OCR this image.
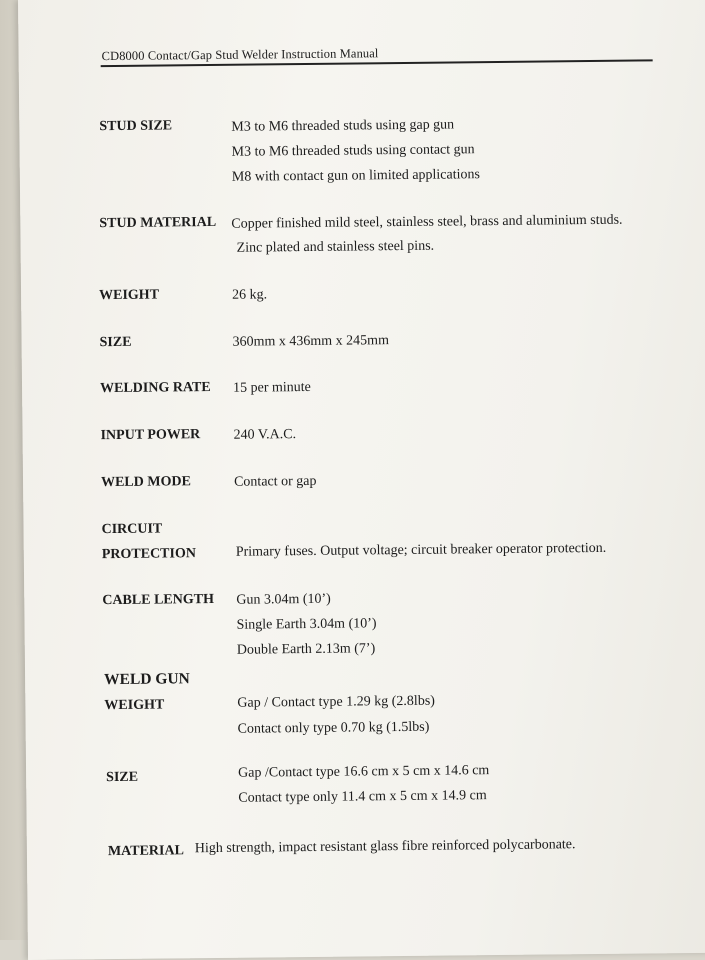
CD8000 Contact/Gap Stud Welder Instruction Manual
STUD SIZE	M3 to M6 threaded studs using gap gun
M3 to M6 threaded studs using contact gun
M8 with contact gun on limited applications
STUD MATERIAL Copper finished mild steel, stainless steel, brass and aluminium studs.
Zinc plated and stainless steel pins.
WEIGHT	26 kg.
SIZE	360mm x 436mm x 245mm
WELDING RATE 15 per minute
INPUT POWER 240 V.A.C.
WELD MODE	Contact or gap
CIRCUIT
PROTECTION	Primary fuses. Output voltage; circuit breaker operator protection.
CABLE LENGTH Gun 3.04m (10’)
Single Earth 3.04m (10’)
Double Earth 2.13m (7’)
WELD GUN
WEIGHT	Gap / Contact type 1.29 kg (2.8lbs)
Contact only type 0.70 kg (1.5lbs)
SIZE	Gap /Contact type 16.6 cm x 5 cm x 14.6 cm
Contact type only 11.4 cm x 5 cm x 14.9 cm
MATERIAL High strength, impact resistant glass fibre reinforced polycarbonate.
